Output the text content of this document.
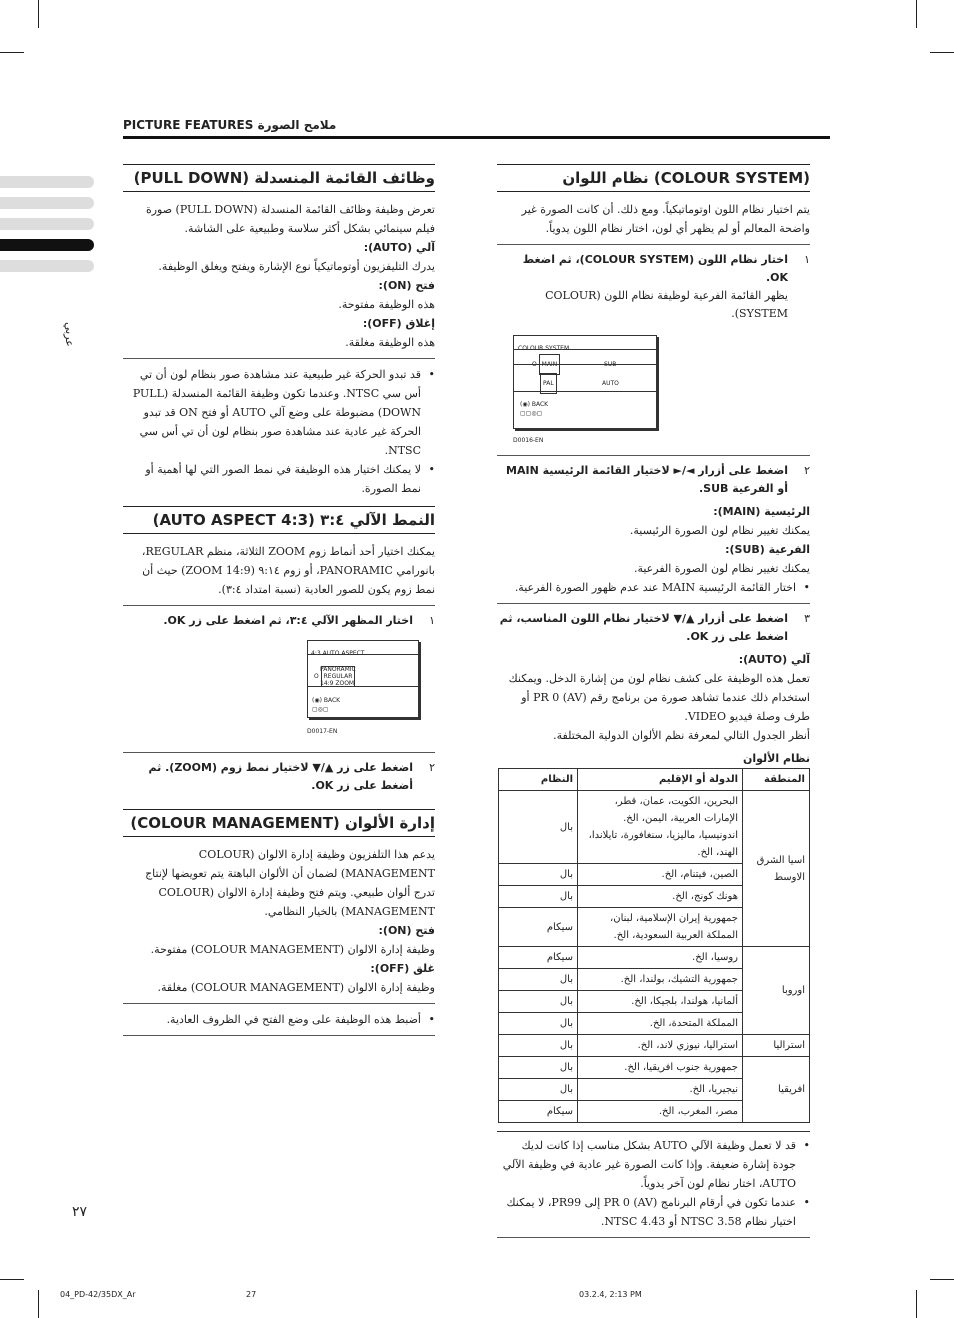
عربي
PICTURE FEATURES ملامح الصورة
(COLOUR SYSTEM) نظام اللوان

يتم اختيار نظام اللون اوتوماتيكياً. ومع ذلك. أن كانت الصورة غير واضحة المعالم أو لم يظهر أي لون، اختار نظام اللون يدوياً.

١
اختار نظام اللون (COLOUR SYSTEM)، ثم اضغط OK.
يظهر القائمة الفرعية لوظيفة نظام اللون (COLOUR SYSTEM).
COLOUR SYSTEM
O MAIN	SUB
PAL	AUTO
(◉) BACK
▢▢◎▢
D0016-EN
٢
اضغط على أزرار ◄/► لاختيار القائمة الرئيسية MAIN أو الفرعية SUB.

الرئيسية (MAIN):

يمكنك تغيير نظام لون الصورة الرئيسية.

الفرعية (SUB):

يمكنك تغيير نظام لون الصورة الفرعية.

• اختار القائمة الرئيسية MAIN عند عدم ظهور الصورة الفرعية.

٣
اضغط على أزرار ▲/▼ لاختيار نظام اللون المناسب، ثم اضغط على زر OK.

آلي (AUTO):

تعمل هذه الوظيفة على كشف نظام لون من إشارة الدخل. ويمكنك استخدام ذلك عندما تشاهد صورة من برنامج رقم PR 0 (AV) أو طرف وصلة فيديو VIDEO.

أنظر الجدول التالي لمعرفة نظم الألوان الدولية المختلفة.

نظام الألوان

المنطقة	الدولة أو الإقليم	النظام
اسيا الشرق الاوسط	البحرين، الكويت، عمان، قطر، الإمارات العربية، اليمن، الخ. اندونيسيا، ماليزيا، سنغافورة، تايلاندا، الهند، الخ.	بال
	الصين، فيتنام، الخ.	بال
	هونك كونج، الخ.	بال
	جمهورية إيران الإسلامية، لبنان، المملكة العربية السعودية، الخ.	سيكام
اوروبا	روسيا، الخ.	سيكام
	جمهورية التشيك، بولندا، الخ.	بال
	ألمانيا، هولندا، بلجيكا، الخ.	بال
	المملكة المتحدة، الخ.	بال
استراليا	استراليا، نيوزي لاند، الخ.	بال
افريقيا	جمهورية جنوب افريقيا، الخ.	بال
	نيجيريا، الخ.	بال
	مصر، المغرب، الخ.	سيكام

• قد لا تعمل وظيفة الآلي AUTO بشكل مناسب إذا كانت لديك جودة إشارة ضعيفة. وإذا كانت الصورة غير عادية في وظيفة الآلي AUTO، اختار نظام لون آخر يدوياً.

• عندما تكون في أرقام البرنامج PR 0 (AV) إلى PR99، لا يمكنك اختيار نظام NTSC 3.58 أو NTSC 4.43.

وظائف القائمة المنسدلة (PULL DOWN)

تعرض وظيفة وظائف القائمة المنسدلة (PULL DOWN) صورة فيلم سينمائي بشكل أكثر سلاسة وطبيعية على الشاشة.

آلي (AUTO):

يدرك التليفزيون أوتوماتيكياً نوع الإشارة ويفتح ويغلق الوظيفة.

فتح (ON):

هذه الوظيفة مفتوحة.

إغلاق (OFF):

هذه الوظيفة مغلقة.

• قد تبدو الحركة غير طبيعية عند مشاهدة صور بنظام لون أن تي أس سي NTSC. وعندما تكون وظيفة القائمة المنسدلة (PULL DOWN) مضبوطة على وضع آلي AUTO أو فتح ON قد تبدو الحركة غير عادية عند مشاهدة صور بنظام لون أن تي أس سي NTSC.

• لا يمكنك اختيار هذه الوظيفة في نمط الصور التي لها أهمية أو نمط الصورة.

النمط الآلي ٣:٤ (4:3 AUTO ASPECT)

يمكنك اختيار أحد أنماط زوم ZOOM الثلاثة، منظم REGULAR، بانورامي PANORAMIC، أو زوم ٩:١٤ (14:9 ZOOM) حيث أن نمط زوم يكون للصور العادية (نسبة امتداد ٣:٤).

١
اختار المظهر الآلي ٣:٤، ثم اضغط على زر OK.
4:3 AUTO ASPECT
PANORAMIC
O REGULAR
14:9 ZOOM
(◉) BACK
▢◎▢
D0017-EN
٢
اضغط على زر ▲/▼ لاختيار نمط زوم (ZOOM). ثم أضغط على زر OK.
إدارة الألوان (COLOUR MANAGEMENT)

يدعم هذا التلفزيون وظيفة إدارة الالوان (COLOUR MANAGEMENT) لضمان أن الألوان الباهتة يتم تعويضها لإنتاج تدرج ألوان طبيعي. ويتم فتح وظيفة إدارة الالوان (COLOUR MANAGEMENT) بالخيار النظامي.

فتح (ON):

وظيفة إدارة الالوان (COLOUR MANAGEMENT) مفتوحة.

غلق (OFF):

وظيفة إدارة الالوان (COLOUR MANAGEMENT) مغلقة.

• أضبط هذه الوظيفة على وضع الفتح في الظروف العادية.

٢٧
04_PD-42/35DX_Ar	27	03.2.4, 2:13 PM
